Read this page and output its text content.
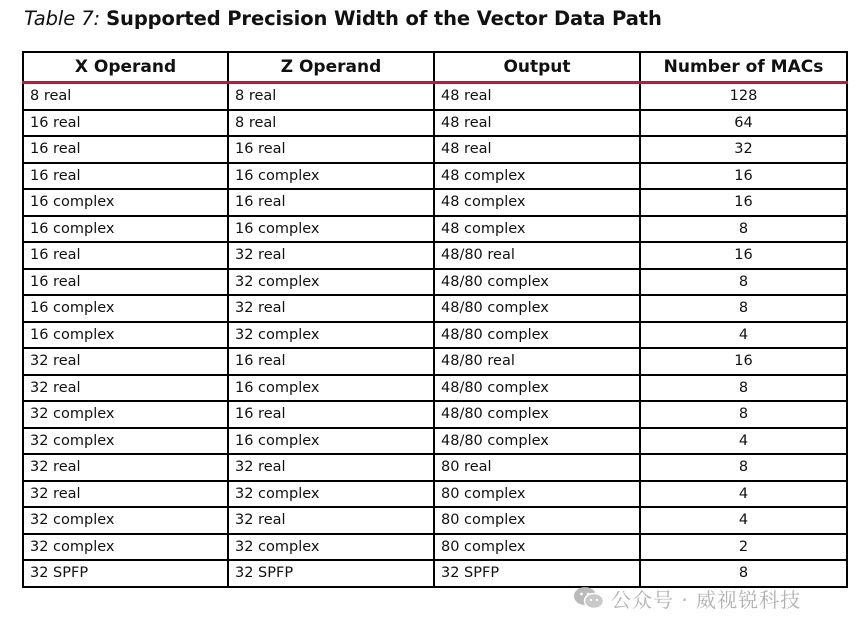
Table 7: Supported Precision Width of the Vector Data Path
X Operand	Z Operand	Output	Number of MACs
8 real	8 real	48 real	128
16 real	8 real	48 real	64
16 real	16 real	48 real	32
16 real	16 complex	48 complex	16
16 complex	16 real	48 complex	16
16 complex	16 complex	48 complex	8
16 real	32 real	48/80 real	16
16 real	32 complex	48/80 complex	8
16 complex	32 real	48/80 complex	8
16 complex	32 complex	48/80 complex	4
32 real	16 real	48/80 real	16
32 real	16 complex	48/80 complex	8
32 complex	16 real	48/80 complex	8
32 complex	16 complex	48/80 complex	4
32 real	32 real	80 real	8
32 real	32 complex	80 complex	4
32 complex	32 real	80 complex	4
32 complex	32 complex	80 complex	2
32 SPFP	32 SPFP	32 SPFP	8
公众号 · 威视锐科技
